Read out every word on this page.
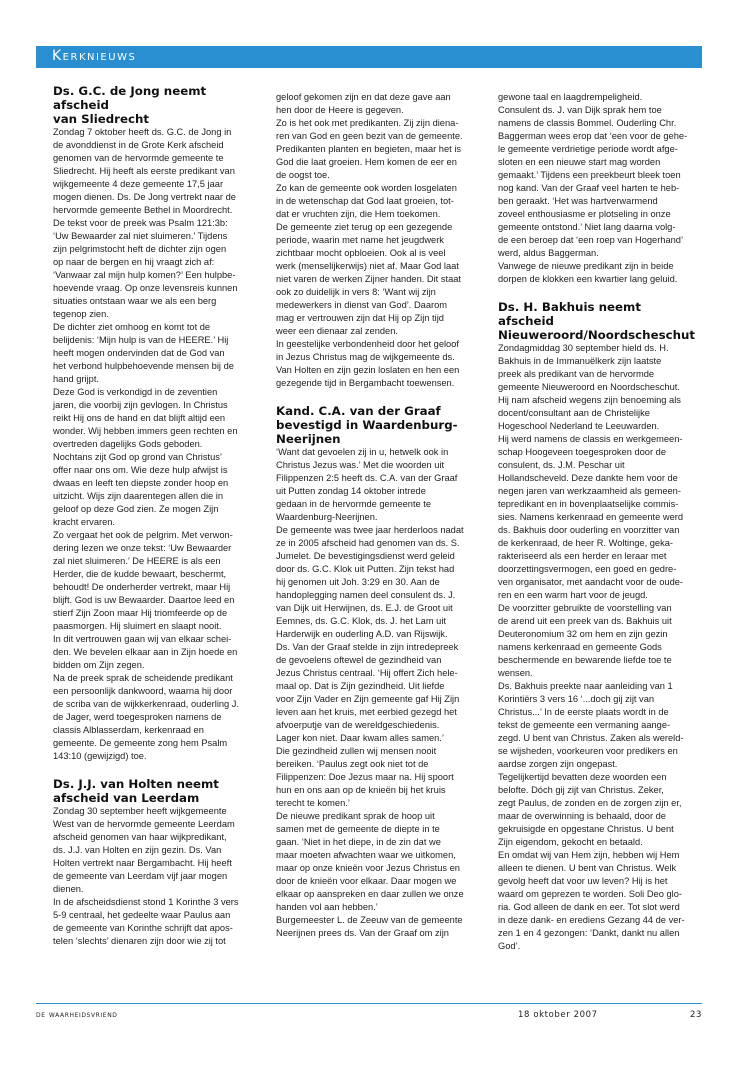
Kerknieuws
Ds. G.C. de Jong neemt afscheid
van Sliedrecht

Zondag 7 oktober heeft ds. G.C. de Jong in
de avonddienst in de Grote Kerk afscheid
genomen van de hervormde gemeente te
Sliedrecht. Hij heeft als eerste predikant van
wijkgemeente 4 deze gemeente 17,5 jaar
mogen dienen. Ds. De Jong vertrekt naar de
hervormde gemeente Bethel in Moordrecht.
De tekst voor de preek was Psalm 121:3b:
‘Uw Bewaarder zal niet sluimeren.’ Tijdens
zijn pelgrimstocht heft de dichter zijn ogen
op naar de bergen en hij vraagt zich af:
‘Vanwaar zal mijn hulp komen?’ Een hulpbe-
hoevende vraag. Op onze levensreis kunnen
situaties ontstaan waar we als een berg
tegenop zien.
De dichter ziet omhoog en komt tot de
belijdenis: ‘Mijn hulp is van de HEERE.’ Hij
heeft mogen ondervinden dat de God van
het verbond hulpbehoevende mensen bij de
hand grijpt.
Deze God is verkondigd in de zeventien
jaren, die voorbij zijn gevlogen. In Christus
reikt Hij ons de hand en dat blijft altijd een
wonder. Wij hebben immers geen rechten en
overtreden dagelijks Gods geboden.
Nochtans zijt God op grond van Christus’
offer naar ons om. Wie deze hulp afwijst is
dwaas en leeft ten diepste zonder hoop en
uitzicht. Wijs zijn daarentegen allen die in
geloof op deze God zien. Ze mogen Zijn
kracht ervaren.
Zo vergaat het ook de pelgrim. Met verwon-
dering lezen we onze tekst: ‘Uw Bewaarder
zal niet sluimeren.’ De HEERE is als een
Herder, die de kudde bewaart, beschermt,
behoudt! De onderherder vertrekt, maar Hij
blijft. God is uw Bewaarder. Daartoe leed en
stierf Zijn Zoon maar Hij triomfeerde op de
paasmorgen. Hij sluimert en slaapt nooit.
In dit vertrouwen gaan wij van elkaar schei-
den. We bevelen elkaar aan in Zijn hoede en
bidden om Zijn zegen.
Na de preek sprak de scheidende predikant
een persoonlijk dankwoord, waarna hij door
de scriba van de wijkkerkenraad, ouderling J.
de Jager, werd toegesproken namens de
classis Alblasserdam, kerkenraad en
gemeente. De gemeente zong hem Psalm
143:10 (gewijzigd) toe.

Ds. J.J. van Holten neemt
afscheid van Leerdam

Zondag 30 september heeft wijkgemeente
West van de hervormde gemeente Leerdam
afscheid genomen van haar wijkpredikant,
ds. J.J. van Holten en zijn gezin. Ds. Van
Holten vertrekt naar Bergambacht. Hij heeft
de gemeente van Leerdam vijf jaar mogen
dienen.
In de afscheidsdienst stond 1 Korinthe 3 vers
5-9 centraal, het gedeelte waar Paulus aan
de gemeente van Korinthe schrijft dat apos-
telen ‘slechts’ dienaren zijn door wie zij tot

geloof gekomen zijn en dat deze gave aan
hen door de Heere is gegeven.
Zo is het ook met predikanten. Zij zijn diena-
ren van God en geen bezit van de gemeente.
Predikanten planten en begieten, maar het is
God die laat groeien. Hem komen de eer en
de oogst toe.
Zo kan de gemeente ook worden losgelaten
in de wetenschap dat God laat groeien, tot-
dat er vruchten zijn, die Hem toekomen.
De gemeente ziet terug op een gezegende
periode, waarin met name het jeugdwerk
zichtbaar mocht opbloeien. Ook al is veel
werk (menselijkerwijs) niet af. Maar God laat
niet varen de werken Zijner handen. Dit staat
ook zo duidelijk in vers 8: ‘Want wij zijn
medewerkers in dienst van God’. Daarom
mag er vertrouwen zijn dat Hij op Zijn tijd
weer een dienaar zal zenden.
In geestelijke verbondenheid door het geloof
in Jezus Christus mag de wijkgemeente ds.
Van Holten en zijn gezin loslaten en hen een
gezegende tijd in Bergambacht toewensen.

Kand. C.A. van der Graaf
bevestigd in Waardenburg-
Neerijnen

‘Want dat gevoelen zij in u, hetwelk ook in
Christus Jezus was.’ Met die woorden uit
Filippenzen 2:5 heeft ds. C.A. van der Graaf
uit Putten zondag 14 oktober intrede
gedaan in de hervormde gemeente te
Waardenburg-Neerijnen.
De gemeente was twee jaar herderloos nadat
ze in 2005 afscheid had genomen van ds. S.
Jumelet. De bevestigingsdienst werd geleid
door ds. G.C. Klok uit Putten. Zijn tekst had
hij genomen uit Joh. 3:29 en 30. Aan de
handoplegging namen deel consulent ds. J.
van Dijk uit Herwijnen, ds. E.J. de Groot uit
Eemnes, ds. G.C. Klok, ds. J. het Lam uit
Harderwijk en ouderling A.D. van Rijswijk.
Ds. Van der Graaf stelde in zijn intredepreek
de gevoelens oftewel de gezindheid van
Jezus Christus centraal. ‘Hij offert Zich hele-
maal op. Dat is Zijn gezindheid. Uit liefde
voor Zijn Vader en Zijn gemeente gaf Hij Zijn
leven aan het kruis, met eerbied gezegd het
afvoerputje van de wereldgeschiedenis.
Lager kon niet. Daar kwam alles samen.’
Die gezindheid zullen wij mensen nooit
bereiken. ‘Paulus zegt ook niet tot de
Filippenzen: Doe Jezus maar na. Hij spoort
hun en ons aan op de knieën bij het kruis
terecht te komen.’
De nieuwe predikant sprak de hoop uit
samen met de gemeente de diepte in te
gaan. ‘Niet in het diepe, in de zin dat we
maar moeten afwachten waar we uitkomen,
maar op onze knieën voor Jezus Christus en
door de knieën voor elkaar. Daar mogen we
elkaar op aanspreken en daar zullen we onze
handen vol aan hebben.’
Burgemeester L. de Zeeuw van de gemeente
Neerijnen prees ds. Van der Graaf om zijn

gewone taal en laagdrempeligheid.
Consulent ds. J. van Dijk sprak hem toe
namens de classis Bommel. Ouderling Chr.
Baggerman wees erop dat ‘een voor de gehe-
le gemeente verdrietige periode wordt afge-
sloten en een nieuwe start mag worden
gemaakt.’ Tijdens een preekbeurt bleek toen
nog kand. Van der Graaf veel harten te heb-
ben geraakt. ‘Het was hartverwarmend
zoveel enthousiasme er plotseling in onze
gemeente ontstond.’ Niet lang daarna volg-
de een beroep dat ‘een roep van Hogerhand’
werd, aldus Baggerman.
Vanwege de nieuwe predikant zijn in beide
dorpen de klokken een kwartier lang geluid.

Ds. H. Bakhuis neemt afscheid
Nieuweroord/Noordscheschut

Zondagmiddag 30 september hield ds. H.
Bakhuis in de Immanuëlkerk zijn laatste
preek als predikant van de hervormde
gemeente Nieuweroord en Noordscheschut.
Hij nam afscheid wegens zijn benoeming als
docent/consultant aan de Christelijke
Hogeschool Nederland te Leeuwarden.
Hij werd namens de classis en werkgemeen-
schap Hoogeveen toegesproken door de
consulent, ds. J.M. Peschar uit
Hollandscheveld. Deze dankte hem voor de
negen jaren van werkzaamheid als gemeen-
tepredikant en in bovenplaatselijke commis-
sies. Namens kerkenraad en gemeente werd
ds. Bakhuis door ouderling en voorzitter van
de kerkenraad, de heer R. Woltinge, geka-
rakteriseerd als een herder en leraar met
doorzettingsvermogen, een goed en gedre-
ven organisator, met aandacht voor de oude-
ren en een warm hart voor de jeugd.
De voorzitter gebruikte de voorstelling van
de arend uit een preek van ds. Bakhuis uit
Deuteronomium 32 om hem en zijn gezin
namens kerkenraad en gemeente Gods
beschermende en bewarende liefde toe te
wensen.
Ds. Bakhuis preekte naar aanleiding van 1
Korintiërs 3 vers 16 ‘...doch gij zijt van
Christus...’ In de eerste plaats wordt in de
tekst de gemeente een vermaning aange-
zegd. U bent van Christus. Zaken als wereld-
se wijsheden, voorkeuren voor predikers en
aardse zorgen zijn ongepast.
Tegelijkertijd bevatten deze woorden een
belofte. Dóch gij zijt van Christus. Zeker,
zegt Paulus, de zonden en de zorgen zijn er,
maar de overwinning is behaald, door de
gekruisigde en opgestane Christus. U bent
Zijn eigendom, gekocht en betaald.
En omdat wij van Hem zijn, hebben wij Hem
alleen te dienen. U bent van Christus. Welk
gevolg heeft dat voor uw leven? Hij is het
waard om geprezen te worden. Soli Deo glo-
ria. God alleen de dank en eer. Tot slot werd
in deze dank- en erediens Gezang 44 de ver-
zen 1 en 4 gezongen: ‘Dankt, dankt nu allen
God’.

de waarheidsvriend	18 oktober 2007	23
